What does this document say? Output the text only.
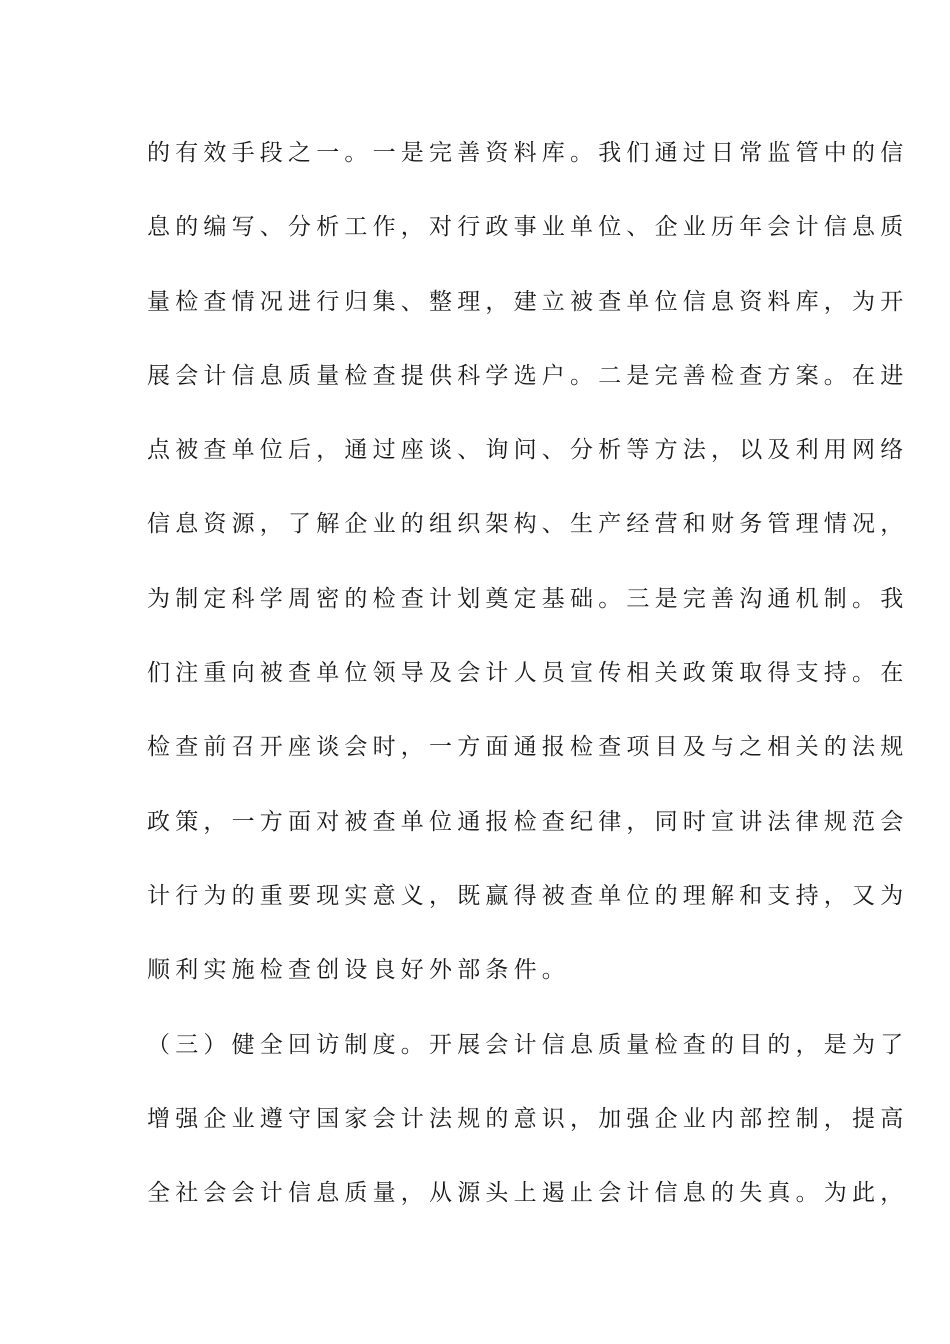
的有效手段之一。一是完善资料库。我们通过日常监管中的信
息的编写、分析工作，对行政事业单位、企业历年会计信息质
量检查情况进行归集、整理，建立被查单位信息资料库，为开
展会计信息质量检查提供科学选户。二是完善检查方案。在进
点被查单位后，通过座谈、询问、分析等方法，以及利用网络
信息资源，了解企业的组织架构、生产经营和财务管理情况，
为制定科学周密的检查计划奠定基础。三是完善沟通机制。我
们注重向被查单位领导及会计人员宣传相关政策取得支持。在
检查前召开座谈会时，一方面通报检查项目及与之相关的法规
政策，一方面对被查单位通报检查纪律，同时宣讲法律规范会
计行为的重要现实意义，既赢得被查单位的理解和支持，又为
顺利实施检查创设良好外部条件。
（三）健全回访制度。开展会计信息质量检查的目的，是为了
增强企业遵守国家会计法规的意识，加强企业内部控制，提高
全社会会计信息质量，从源头上遏止会计信息的失真。为此，
